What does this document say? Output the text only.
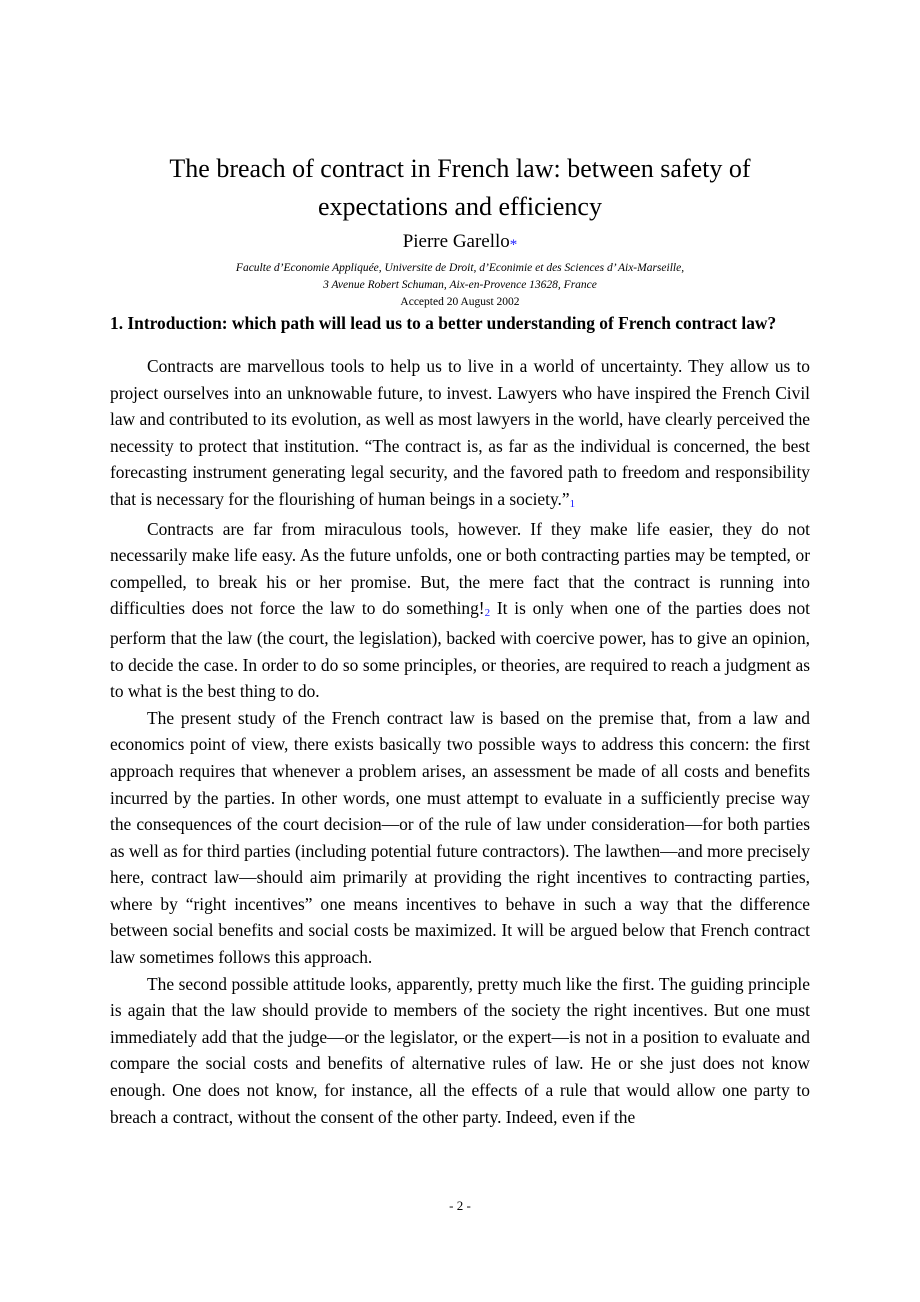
The breach of contract in French law: between safety of expectations and efficiency
Pierre Garello*
Faculte d’Economie Appliquée, Universite de Droit, d’Econimie et des Sciences d’ Aix-Marseille,
3 Avenue Robert Schuman, Aix-en-Provence 13628, France
Accepted 20 August 2002
1. Introduction: which path will lead us to a better understanding of French contract law?

Contracts are marvellous tools to help us to live in a world of uncertainty. They allow us to project ourselves into an unknowable future, to invest. Lawyers who have inspired the French Civil law and contributed to its evolution, as well as most lawyers in the world, have clearly perceived the necessity to protect that institution. “The contract is, as far as the individual is concerned, the best forecasting instrument generating legal security, and the favored path to freedom and responsibility that is necessary for the flourishing of human beings in a society.”1

Contracts are far from miraculous tools, however. If they make life easier, they do not necessarily make life easy. As the future unfolds, one or both contracting parties may be tempted, or compelled, to break his or her promise. But, the mere fact that the contract is running into difficulties does not force the law to do something!2 It is only when one of the parties does not perform that the law (the court, the legislation), backed with coercive power, has to give an opinion, to decide the case. In order to do so some principles, or theories, are required to reach a judgment as to what is the best thing to do.

The present study of the French contract law is based on the premise that, from a law and economics point of view, there exists basically two possible ways to address this concern: the first approach requires that whenever a problem arises, an assessment be made of all costs and benefits incurred by the parties. In other words, one must attempt to evaluate in a sufficiently precise way the consequences of the court decision—or of the rule of law under consideration—for both parties as well as for third parties (including potential future contractors). The lawthen—and more precisely here, contract law—should aim primarily at providing the right incentives to contracting parties, where by “right incentives” one means incentives to behave in such a way that the difference between social benefits and social costs be maximized. It will be argued below that French contract law sometimes follows this approach.

The second possible attitude looks, apparently, pretty much like the first. The guiding principle is again that the law should provide to members of the society the right incentives. But one must immediately add that the judge—or the legislator, or the expert—is not in a position to evaluate and compare the social costs and benefits of alternative rules of law. He or she just does not know enough. One does not know, for instance, all the effects of a rule that would allow one party to breach a contract, without the consent of the other party. Indeed, even if the

- 2 -
